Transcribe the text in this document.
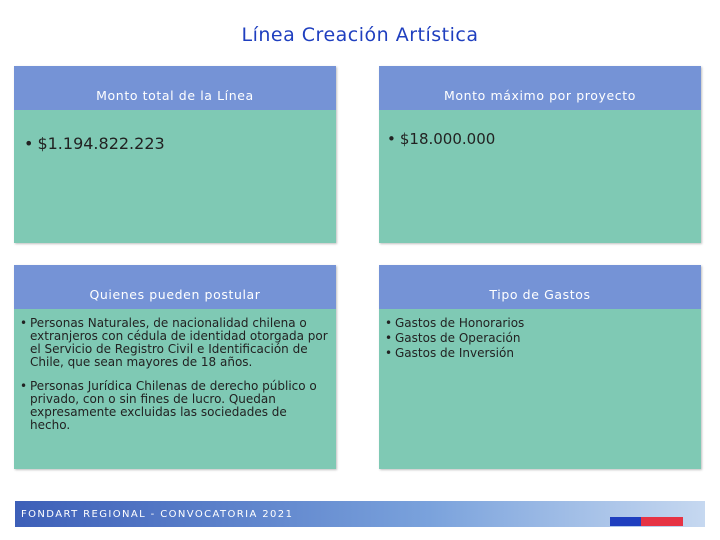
Línea Creación Artística
Monto total de la Línea
• $1.194.822.223
Monto máximo por proyecto
• $18.000.000
Quienes pueden postular
• Personas Naturales, de nacionalidad chilena o extranjeros con cédula de identidad otorgada por el Servicio de Registro Civil e Identificación de Chile, que sean mayores de 18 años.
• Personas Jurídica Chilenas de derecho público o privado, con o sin fines de lucro. Quedan expresamente excluidas las sociedades de hecho.
Tipo de Gastos
• Gastos de Honorarios
• Gastos de Operación
• Gastos de Inversión
FONDART REGIONAL - CONVOCATORIA 2021
